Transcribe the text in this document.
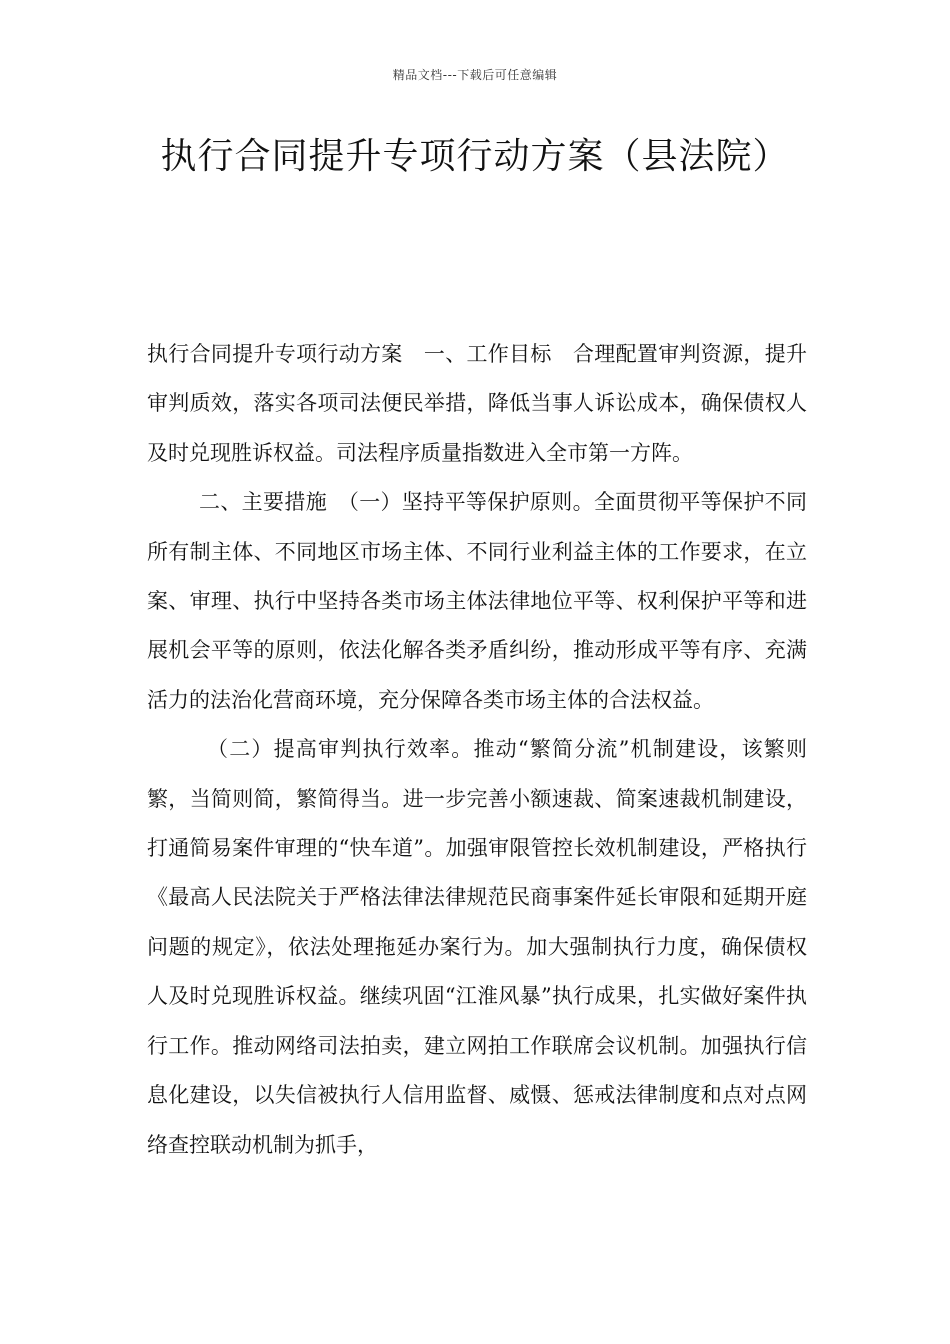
精品文档---下载后可任意编辑
执行合同提升专项行动方案（县法院）

执行合同提升专项行动方案　一、工作目标　合理配置审判资源，提升审判质效，落实各项司法便民举措，降低当事人诉讼成本，确保债权人及时兑现胜诉权益。司法程序质量指数进入全市第一方阵。

二、主要措施　（一）坚持平等保护原则。全面贯彻平等保护不同所有制主体、不同地区市场主体、不同行业利益主体的工作要求，在立案、审理、执行中坚持各类市场主体法律地位平等、权利保护平等和进展机会平等的原则，依法化解各类矛盾纠纷，推动形成平等有序、充满活力的法治化营商环境，充分保障各类市场主体的合法权益。

（二）提高审判执行效率。推动“繁简分流”机制建设，该繁则繁，当简则简，繁简得当。进一步完善小额速裁、简案速裁机制建设，打通简易案件审理的“快车道”。加强审限管控长效机制建设，严格执行《最高人民法院关于严格法律法律规范民商事案件延长审限和延期开庭问题的规定》，依法处理拖延办案行为。加大强制执行力度，确保债权人及时兑现胜诉权益。继续巩固“江淮风暴”执行成果，扎实做好案件执行工作。推动网络司法拍卖，建立网拍工作联席会议机制。加强执行信息化建设，以失信被执行人信用监督、威慑、惩戒法律制度和点对点网络查控联动机制为抓手，
